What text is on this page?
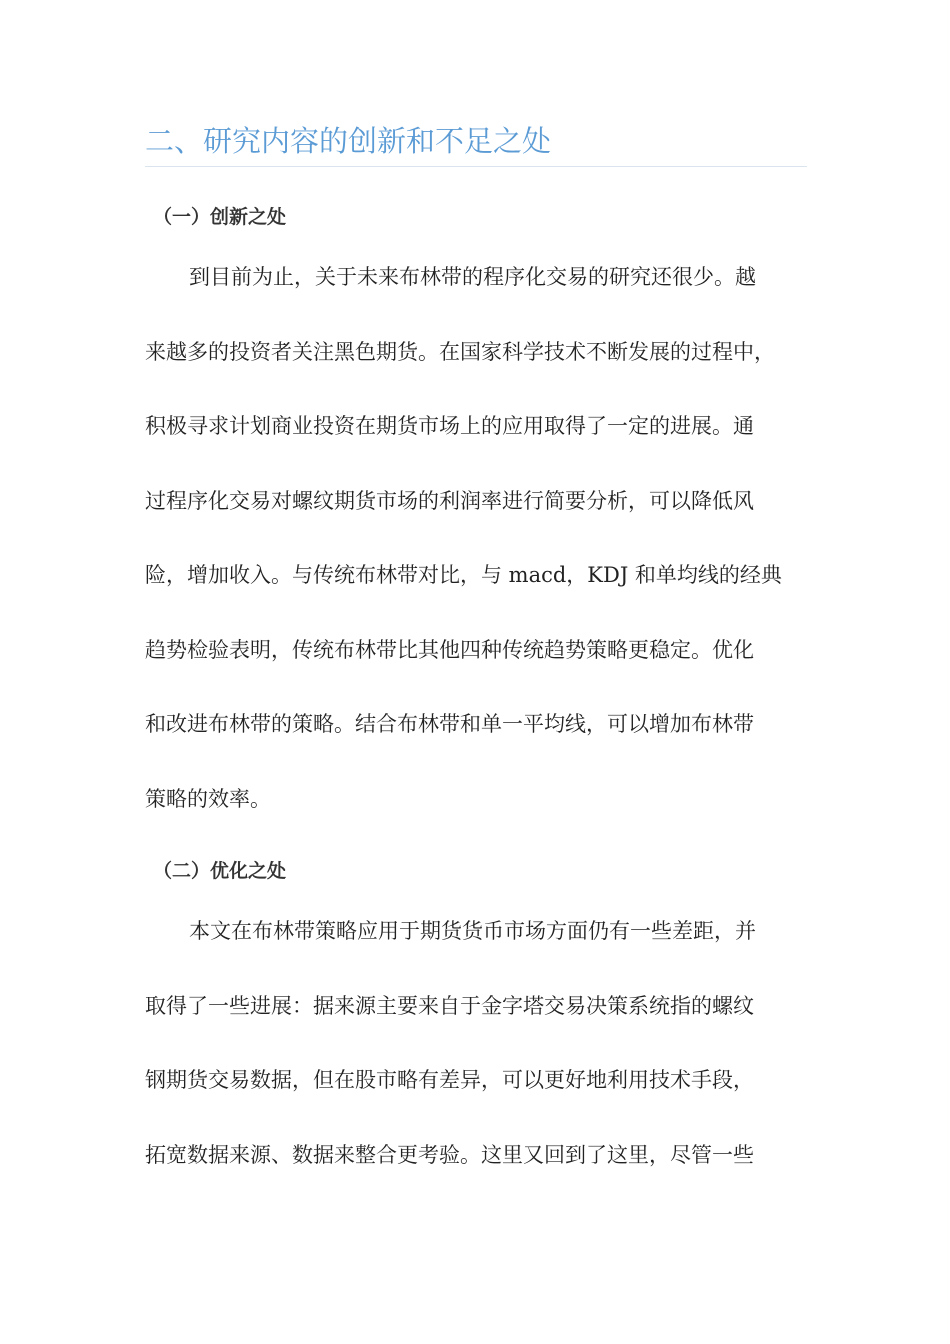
二、研究内容的创新和不足之处
（一）创新之处
到目前为止，关于未来布林带的程序化交易的研究还很少。越
来越多的投资者关注黑色期货。在国家科学技术不断发展的过程中，
积极寻求计划商业投资在期货市场上的应用取得了一定的进展。通
过程序化交易对螺纹期货市场的利润率进行简要分析，可以降低风
险，增加收入。与传统布林带对比，与 macd，KDJ 和单均线的经典
趋势检验表明，传统布林带比其他四种传统趋势策略更稳定。优化
和改进布林带的策略。结合布林带和单一平均线，可以增加布林带
策略的效率。
（二）优化之处
本文在布林带策略应用于期货货币市场方面仍有一些差距，并
取得了一些进展：据来源主要来自于金字塔交易决策系统指的螺纹
钢期货交易数据，但在股市略有差异，可以更好地利用技术手段，
拓宽数据来源、数据来整合更考验。这里又回到了这里，尽管一些
